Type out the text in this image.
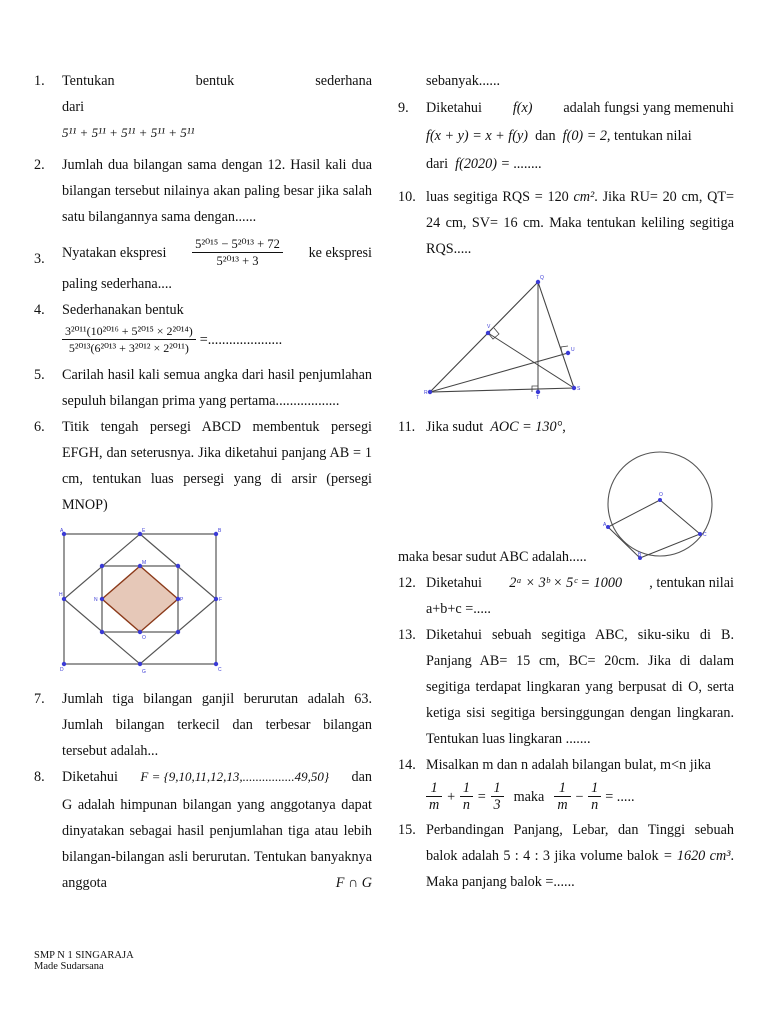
1. Tentukan bentuk sederhana dari
5¹¹ + 5¹¹ + 5¹¹ + 5¹¹ + 5¹¹
2. Jumlah dua bilangan sama dengan 12. Hasil kali dua bilangan tersebut nilainya akan paling besar jika salah satu bilangannya sama dengan......
3. Nyatakan ekspresi $\frac{\text{5²⁰¹⁵ − 5²⁰¹³ + 72}}{\text{5²⁰¹³ + 3}}$ ke ekspresi
paling sederhana....
4. Sederhanakan bentuk
$\frac{\text{3²⁰¹¹(10²⁰¹⁶ + 5²⁰¹⁵ × 2²⁰¹⁴)}}{\text{5²⁰¹³(6²⁰¹³ + 3²⁰¹² × 2²⁰¹¹)}}$ =.....................
5. Carilah hasil kali semua angka dari hasil penjumlahan sepuluh bilangan prima yang pertama..................
6. Titik tengah persegi ABCD membentuk persegi EFGH, dan seterusnya. Jika diketahui panjang AB = 1 cm, tentukan luas persegi yang di arsir (persegi MNOP)
A	B
C
D
E
F
G
H
M
P
O
N
7. Jumlah tiga bilangan ganjil berurutan adalah 63. Jumlah bilangan terkecil dan terbesar bilangan tersebut adalah...
8. Diketahui F = {9,10,11,12,13,................49,50} dan
G adalah himpunan bilangan yang anggotanya dapat dinyatakan sebagai hasil penjumlahan tiga atau lebih bilangan-bilangan asli berurutan. Tentukan banyaknya anggota	F ∩ G
sebanyak......
9. Diketahui f(x) adalah fungsi yang memenuhi
f(x + y) = x + f(y) dan f(0) = 2, tentukan nilai
dari f(2020) = ........
10. luas segitiga RQS = 120 cm². Jika RU= 20 cm, QT= 24 cm, SV= 16 cm. Maka tentukan keliling segitiga RQS.....
Q
R
S
T
U
V
11. Jika sudut AOC = 130°,
O
A
B
C
maka besar sudut ABC adalah.....
12. Diketahui 2ᵃ × 3ᵇ × 5ᶜ = 1000 , tentukan nilai
a+b+c =.....
13. Diketahui sebuah segitiga ABC, siku-siku di B. Panjang AB= 15 cm, BC= 20cm. Jika di dalam segitiga terdapat lingkaran yang berpusat di O, serta ketiga sisi segitiga bersinggungan dengan lingkaran. Tentukan luas lingkaran .......
14. Misalkan m dan n adalah bilangan bulat, m<n jika
$\frac{1}{m} + \frac{1}{n} = \frac{1}{3}$ maka $\frac{1}{m} - \frac{1}{n}$ = .....
15. Perbandingan Panjang, Lebar, dan Tinggi sebuah balok adalah 5 : 4 : 3 jika volume balok = 1620 cm³. Maka panjang balok =......
SMP N 1 SINGARAJA
Made Sudarsana
